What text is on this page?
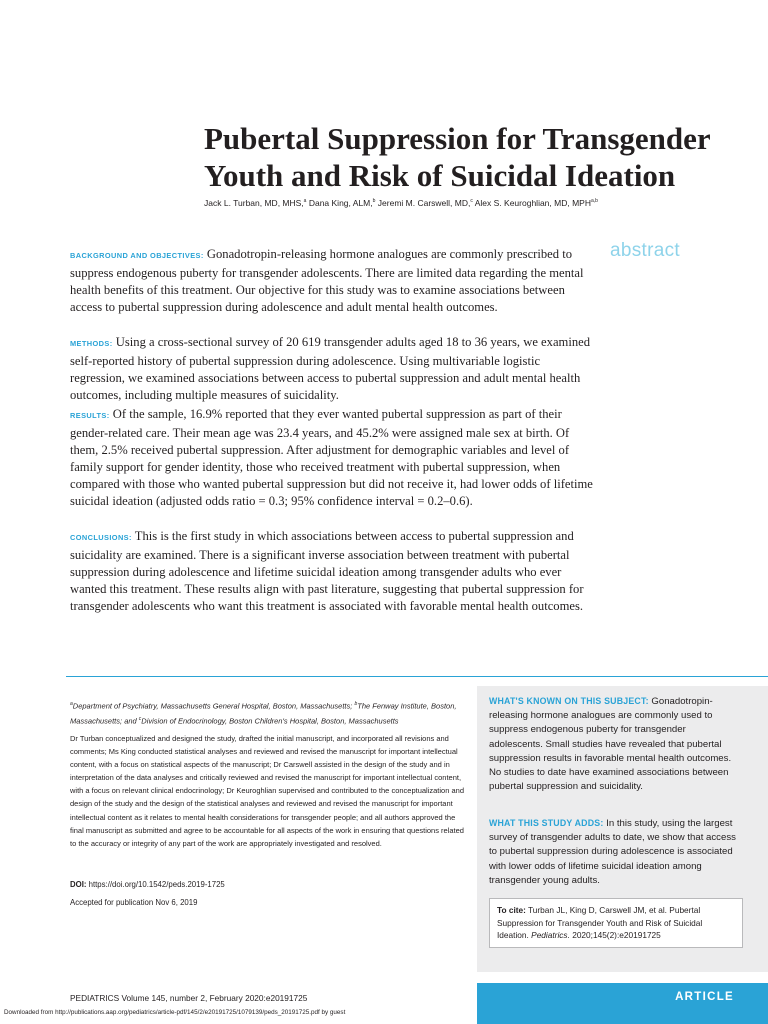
Pubertal Suppression for Transgender
Youth and Risk of Suicidal Ideation
Jack L. Turban, MD, MHS,$^a$ Dana King, ALM,$^b$ Jeremi M. Carswell, MD,$^c$ Alex S. Keuroghlian, MD, MPH$^{a,b}$
abstract

BACKGROUND AND OBJECTIVES: Gonadotropin-releasing hormone analogues are commonly prescribed to suppress endogenous puberty for transgender adolescents. There are limited data regarding the mental health benefits of this treatment. Our objective for this study was to examine associations between access to pubertal suppression during adolescence and adult mental health outcomes.

METHODS: Using a cross-sectional survey of 20 619 transgender adults aged 18 to 36 years, we examined self-reported history of pubertal suppression during adolescence. Using multivariable logistic regression, we examined associations between access to pubertal suppression and adult mental health outcomes, including multiple measures of suicidality.

RESULTS: Of the sample, 16.9% reported that they ever wanted pubertal suppression as part of their gender-related care. Their mean age was 23.4 years, and 45.2% were assigned male sex at birth. Of them, 2.5% received pubertal suppression. After adjustment for demographic variables and level of family support for gender identity, those who received treatment with pubertal suppression, when compared with those who wanted pubertal suppression but did not receive it, had lower odds of lifetime suicidal ideation (adjusted odds ratio = 0.3; 95% confidence interval = 0.2–0.6).

CONCLUSIONS: This is the first study in which associations between access to pubertal suppression and suicidality are examined. There is a significant inverse association between treatment with pubertal suppression during adolescence and lifetime suicidal ideation among transgender adults who ever wanted this treatment. These results align with past literature, suggesting that pubertal suppression for transgender adolescents who want this treatment is associated with favorable mental health outcomes.

$^a$Department of Psychiatry, Massachusetts General Hospital, Boston, Massachusetts; $^b$The Fenway Institute, Boston, Massachusetts; and $^c$Division of Endocrinology, Boston Children's Hospital, Boston, Massachusetts

Dr Turban conceptualized and designed the study, drafted the initial manuscript, and incorporated all revisions and comments; Ms King conducted statistical analyses and reviewed and revised the manuscript for important intellectual content, with a focus on statistical aspects of the manuscript; Dr Carswell assisted in the design of the study and in interpretation of the data analyses and critically reviewed and revised the manuscript for important intellectual content, with a focus on relevant clinical endocrinology; Dr Keuroghlian supervised and contributed to the conceptualization and design of the study and the design of the statistical analyses and reviewed and revised the manuscript for important intellectual content as it relates to mental health considerations for transgender people; and all authors approved the final manuscript as submitted and agree to be accountable for all aspects of the work in ensuring that questions related to the accuracy or integrity of any part of the work are appropriately investigated and resolved.

DOI: https://doi.org/10.1542/peds.2019-1725

Accepted for publication Nov 6, 2019

WHAT'S KNOWN ON THIS SUBJECT: Gonadotropin-releasing hormone analogues are commonly used to suppress endogenous puberty for transgender adolescents. Small studies have revealed that pubertal suppression results in favorable mental health outcomes. No studies to date have examined associations between pubertal suppression and suicidality.

WHAT THIS STUDY ADDS: In this study, using the largest survey of transgender adults to date, we show that access to pubertal suppression during adolescence is associated with lower odds of lifetime suicidal ideation among transgender young adults.

To cite: Turban JL, King D, Carswell JM, et al. Pubertal Suppression for Transgender Youth and Risk of Suicidal Ideation. Pediatrics. 2020;145(2):e20191725
PEDIATRICS Volume 145, number 2, February 2020:e20191725	ARTICLE
Downloaded from http://publications.aap.org/pediatrics/article-pdf/145/2/e20191725/1079139/peds_20191725.pdf by guest
